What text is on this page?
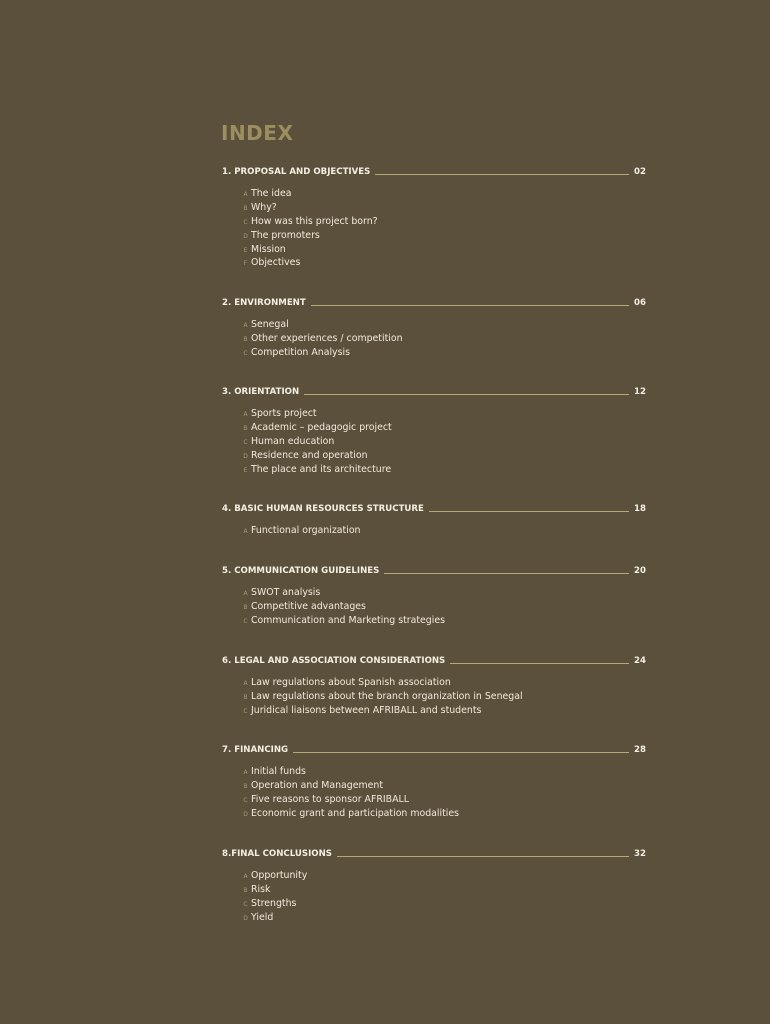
INDEX
1. PROPOSAL AND OBJECTIVES	02
A The idea
B Why?
C How was this project born?
D The promoters
E Mission
F Objectives
2. ENVIRONMENT	06
A Senegal
B Other experiences / competition
C Competition Analysis
3. ORIENTATION	12
A Sports project
B Academic – pedagogic project
C Human education
D Residence and operation
E The place and its architecture
4. BASIC HUMAN RESOURCES STRUCTURE	18
A Functional organization
5. COMMUNICATION GUIDELINES	20
A SWOT analysis
B Competitive advantages
C Communication and Marketing strategies
6. LEGAL AND ASSOCIATION CONSIDERATIONS	24
A Law regulations about Spanish association
B Law regulations about the branch organization in Senegal
C Juridical liaisons between AFRIBALL and students
7. FINANCING	28
A Initial funds
B Operation and Management
C Five reasons to sponsor AFRIBALL
D Economic grant and participation modalities
8.FINAL CONCLUSIONS	32
A Opportunity
B Risk
C Strengths
D Yield
